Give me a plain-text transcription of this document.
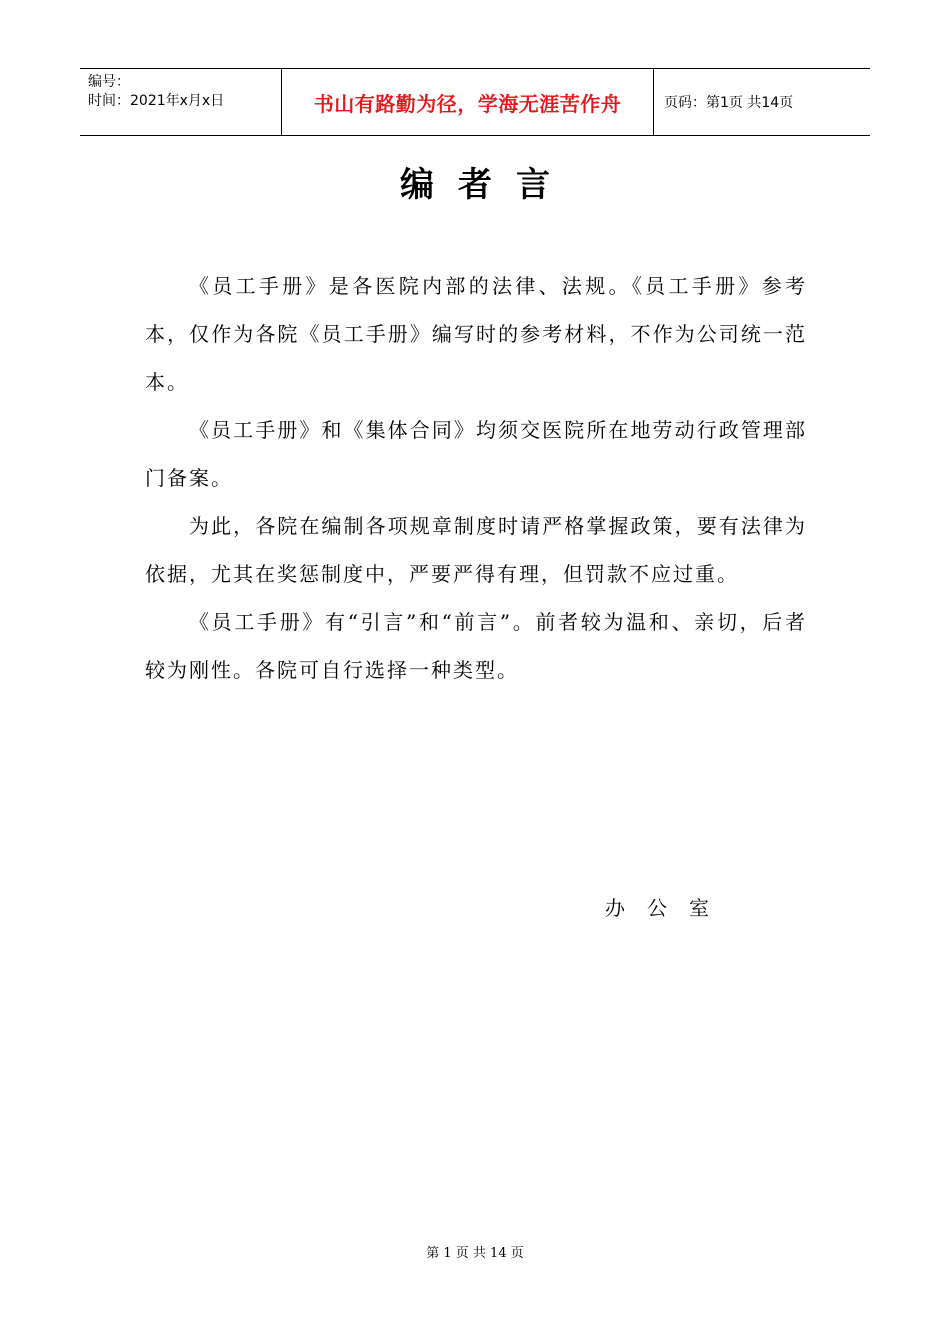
编号：
时间：2021年x月x日	书山有路勤为径，学海无涯苦作舟	页码：第1页 共14页
编者言

《员工手册》是各医院内部的法律、法规。《员工手册》参考本，仅作为各院《员工手册》编写时的参考材料，不作为公司统一范本。

《员工手册》和《集体合同》均须交医院所在地劳动行政管理部门备案。

为此，各院在编制各项规章制度时请严格掌握政策，要有法律为依据，尤其在奖惩制度中，严要严得有理，但罚款不应过重。

《员工手册》有“引言”和“前言”。前者较为温和、亲切，后者较为刚性。各院可自行选择一种类型。

办公室
第 1 页 共 14 页
